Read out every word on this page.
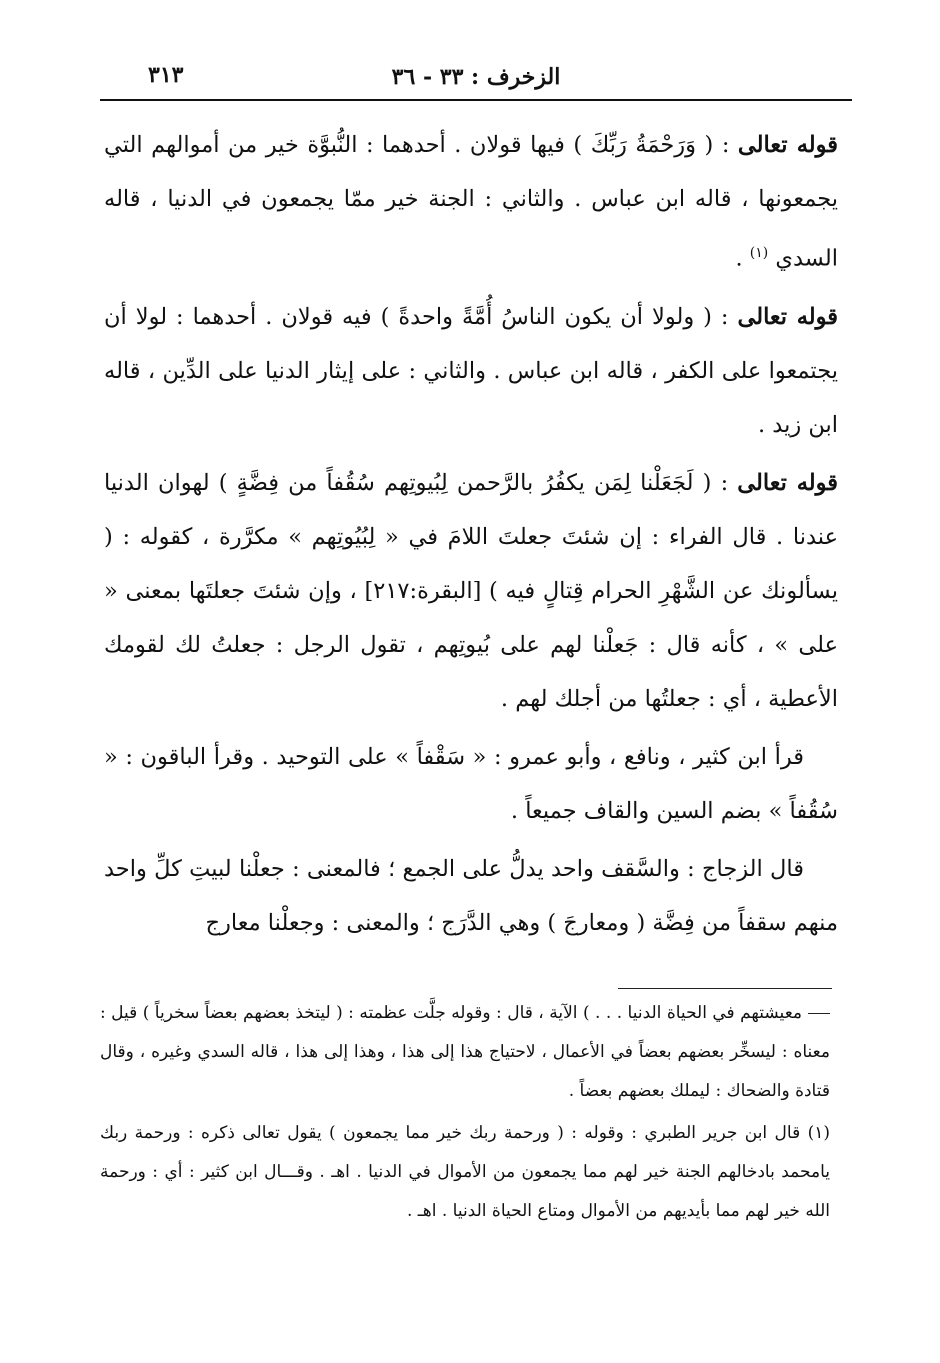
الزخرف : ٣٣ - ٣٦
٣١٣

قوله تعالى : ( وَرَحْمَةُ رَبِّكَ ) فيها قولان . أحدهما : النُّبوَّة خير من أموالهم التي يجمعونها ، قاله ابن عباس . والثاني : الجنة خير ممّا يجمعون في الدنيا ، قاله السدي $^{(١)}$ .

قوله تعالى : ( ولولا أن يكون الناسُ أُمَّةً واحدةً ) فيه قولان . أحدهما : لولا أن يجتمعوا على الكفر ، قاله ابن عباس . والثاني : على إيثار الدنيا على الدِّين ، قاله ابن زيد .

قوله تعالى : ( لَجَعَلْنا لِمَن يكفُرُ بالرَّحمن لِبُيوتِهم سُقُفاً من فِضَّةٍ ) لهوان الدنيا عندنا . قال الفراء : إن شئتَ جعلتَ اللامَ في « لِبُيُوتِهم » مكرَّرة ، كقوله : ( يسألونك عن الشَّهْرِ الحرام قِتالٍ فيه ) [البقرة:٢١٧] ، وإن شئتَ جعلتَها بمعنى « على » ، كأنه قال : جَعلْنا لهم على بُيوتِهم ، تقول الرجل : جعلتُ لك لقومك الأعطية ، أي : جعلتُها من أجلك لهم .

قرأ ابن كثير ، ونافع ، وأبو عمرو : « سَقْفاً » على التوحيد . وقرأ الباقون : « سُقُفاً » بضم السين والقاف جميعاً .

قال الزجاج : والسَّقف واحد يدلُّ على الجمع ؛ فالمعنى : جعلْنا لبيتِ كلِّ واحد منهم سقفاً من فِضَّة ( ومعارجَ ) وهي الدَّرَج ؛ والمعنى : وجعلْنا معارج

معيشتهم في الحياة الدنيا . . . ) الآية ، قال : وقوله جلَّت عظمته : ( ليتخذ بعضهم بعضاً سخرياً ) قيل : معناه : ليسخِّر بعضهم بعضاً في الأعمال ، لاحتياج هذا إلى هذا ، وهذا إلى هذا ، قاله السدي وغيره ، وقال قتادة والضحاك : ليملك بعضهم بعضاً .

(١) قال ابن جرير الطبري : وقوله : ( ورحمة ربك خير مما يجمعون ) يقول تعالى ذكره : ورحمة ربك يامحمد بادخالهم الجنة خير لهم مما يجمعون من الأموال في الدنيا . اهـ . وقـــال ابن كثير : أي : ورحمة الله خير لهم مما بأيديهم من الأموال ومتاع الحياة الدنيا . اهـ .
